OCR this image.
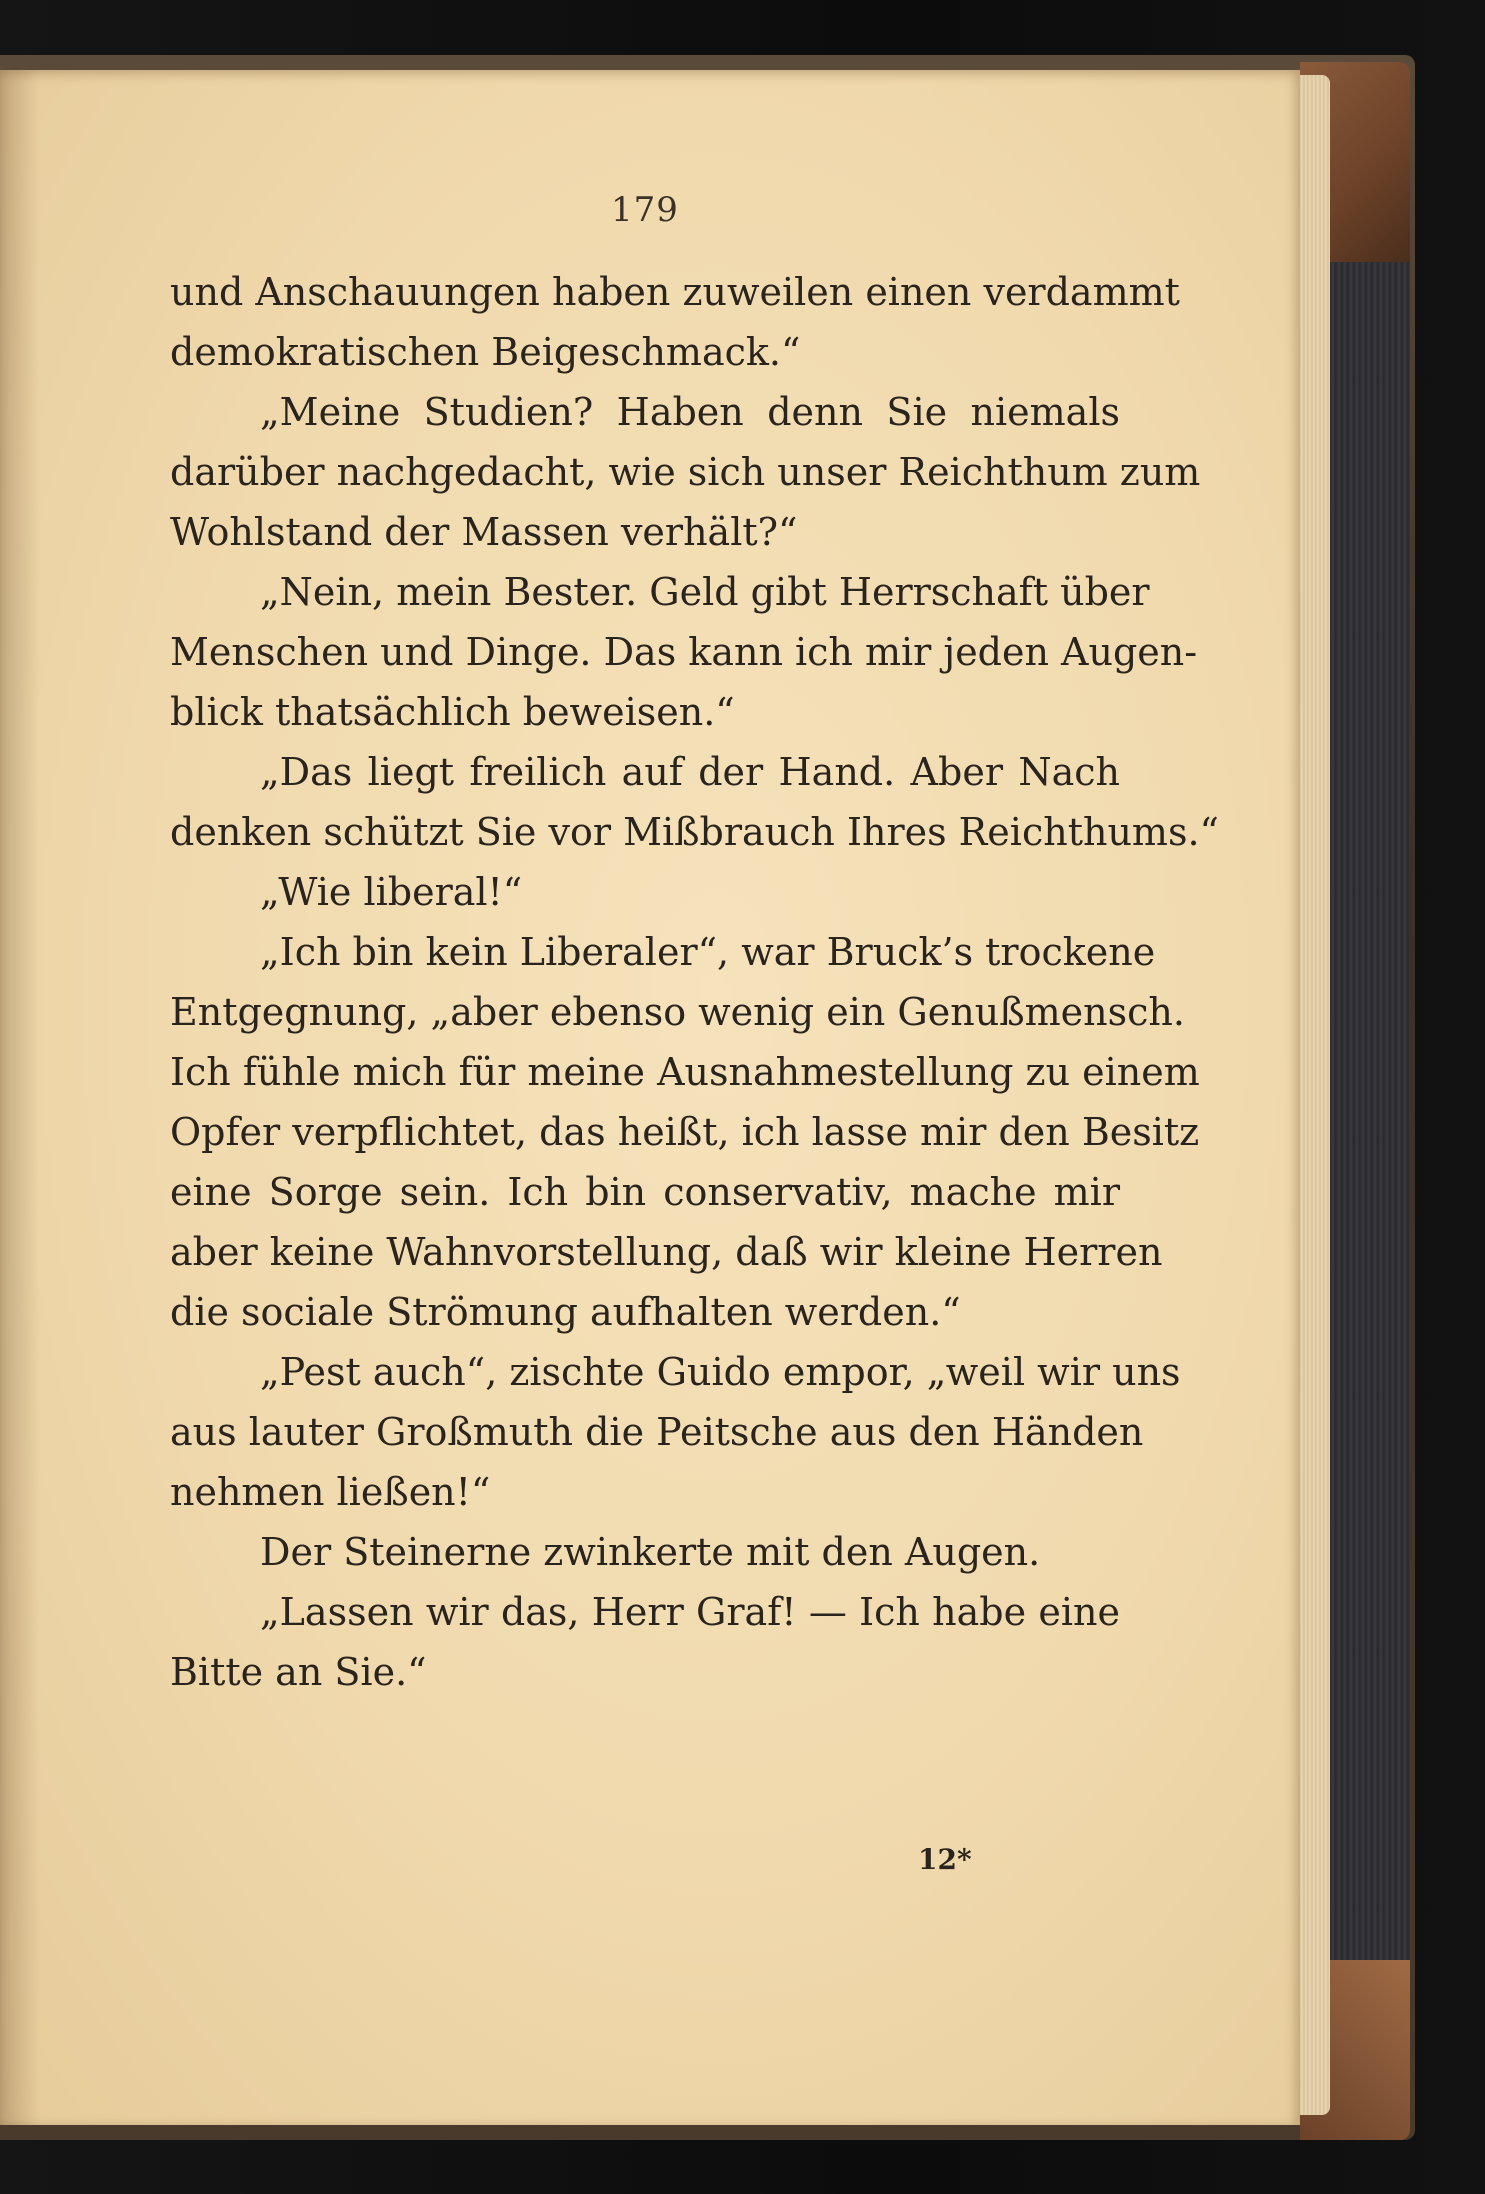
179
und Anschauungen haben zuweilen einen verdammt
demokratischen Beigeschmack.“
„Meine Studien? Haben denn Sie niemals
darüber nachgedacht, wie sich unser Reichthum zum
Wohlstand der Massen verhält?“
„Nein, mein Bester. Geld gibt Herrschaft über
Menschen und Dinge. Das kann ich mir jeden Augen-
blick thatsächlich beweisen.“
„Das liegt freilich auf der Hand. Aber Nach
denken schützt Sie vor Mißbrauch Ihres Reichthums.“
„Wie liberal!“
„Ich bin kein Liberaler“, war Bruck’s trockene
Entgegnung, „aber ebenso wenig ein Genußmensch.
Ich fühle mich für meine Ausnahmestellung zu einem
Opfer verpflichtet, das heißt, ich lasse mir den Besitz
eine Sorge sein. Ich bin conservativ, mache mir
aber keine Wahnvorstellung, daß wir kleine Herren
die sociale Strömung aufhalten werden.“
„Pest auch“, zischte Guido empor, „weil wir uns
aus lauter Großmuth die Peitsche aus den Händen
nehmen ließen!“
Der Steinerne zwinkerte mit den Augen.
„Lassen wir das, Herr Graf! — Ich habe eine
Bitte an Sie.“
12*
